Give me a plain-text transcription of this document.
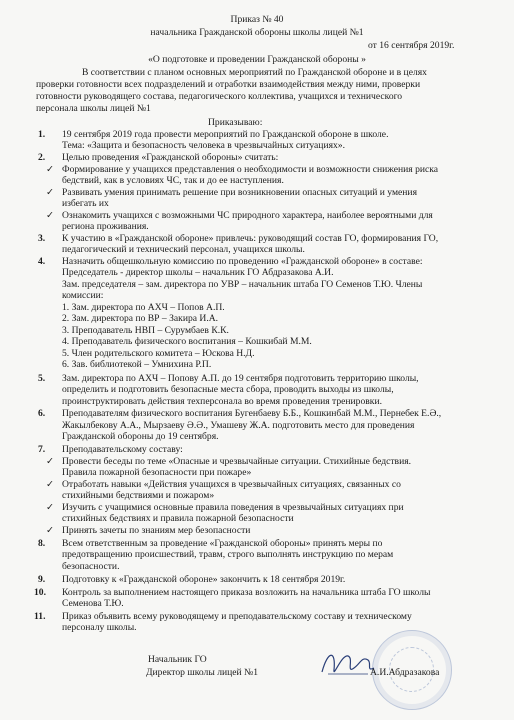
Приказ № 40
начальника Гражданской обороны школы лицей №1
от 16 сентября 2019г.
«О подготовке и проведении Гражданской обороны »
В соответствии с планом основных мероприятий по Гражданской обороне и в целях
проверки готовности всех подразделений и отработки взаимодействия между ними, проверки
готовности руководящего состава, педагогического коллектива, учащихся и технического
персонала школы лицей №1
Приказываю:
1. 19 сентября 2019 года провести мероприятий по Гражданской обороне в школе.
Тема: «Защита и безопасность человека в чрезвычайных ситуациях».
2. Целью проведения «Гражданской обороны» считать:
✓ Формирование у учащихся представления о необходимости и возможности снижения риска
бедствий, как в условиях ЧС, так и до ее наступления.
✓ Развивать умения принимать решение при возникновении опасных ситуаций и умения
избегать их
✓ Ознакомить учащихся с возможными ЧС природного характера, наиболее вероятными для
региона проживания.
3. К участию в «Гражданской обороне» привлечь: руководящий состав ГО, формирования ГО,
педагогический и технический персонал, учащихся школы.
4. Назначить общешкольную комиссию по проведению «Гражданской обороне» в составе:
Председатель - директор школы – начальник ГО Абдразакова А.И.
Зам. председателя – зам. директора по УВР – начальник штаба ГО Семенов Т.Ю. Члены
комиссии:
1. Зам. директора по АХЧ – Попов А.П.
2. Зам. директора по ВР – Закира И.А.
3. Преподаватель НВП – Сурумбаев К.К.
4. Преподаватель физического воспитания – Кошкибай М.М.
5. Член родительского комитета – Юскова Н.Д.
6. Зав. библиотекой – Умнихина Р.П.
5. Зам. директора по АХЧ – Попову А.П. до 19 сентября подготовить территорию школы,
определить и подготовить безопасные места сбора, проводить выходы из школы,
проинструктировать действия техперсонала во время проведения тренировки.
6. Преподавателям физического воспитания Бугенбаеву Б.Б., Кошкинбай М.М., Пернебек Е.Ә.,
Жакылбекову А.А., Мырзаеву Ә.Ә., Умашеву Ж.А. подготовить место для проведения
Гражданской обороны до 19 сентября.
7. Преподавательскому составу:
✓ Провести беседы по теме «Опасные и чрезвычайные ситуации. Стихийные бедствия.
Правила пожарной безопасности при пожаре»
✓ Отработать навыки «Действия учащихся в чрезвычайных ситуациях, связанных со
стихийными бедствиями и пожаром»
✓ Изучить с учащимися основные правила поведения в чрезвычайных ситуациях при
стихийных бедствиях и правила пожарной безопасности
✓ Принять зачеты по знаниям мер безопасности
8. Всем ответственным за проведение «Гражданской обороны» принять меры по
предотвращению происшествий, травм, строго выполнять инструкцию по мерам
безопасности.
9. Подготовку к «Гражданской обороне» закончить к 18 сентября 2019г.
10. Контроль за выполнением настоящего приказа возложить на начальника штаба ГО школы
Семенова Т.Ю.
11. Приказ объявить всему руководящему и преподавательскому составу и техническому
персоналу школы.
Начальник ГО
Директор школы лицей №1	А.И.Абдразакова
